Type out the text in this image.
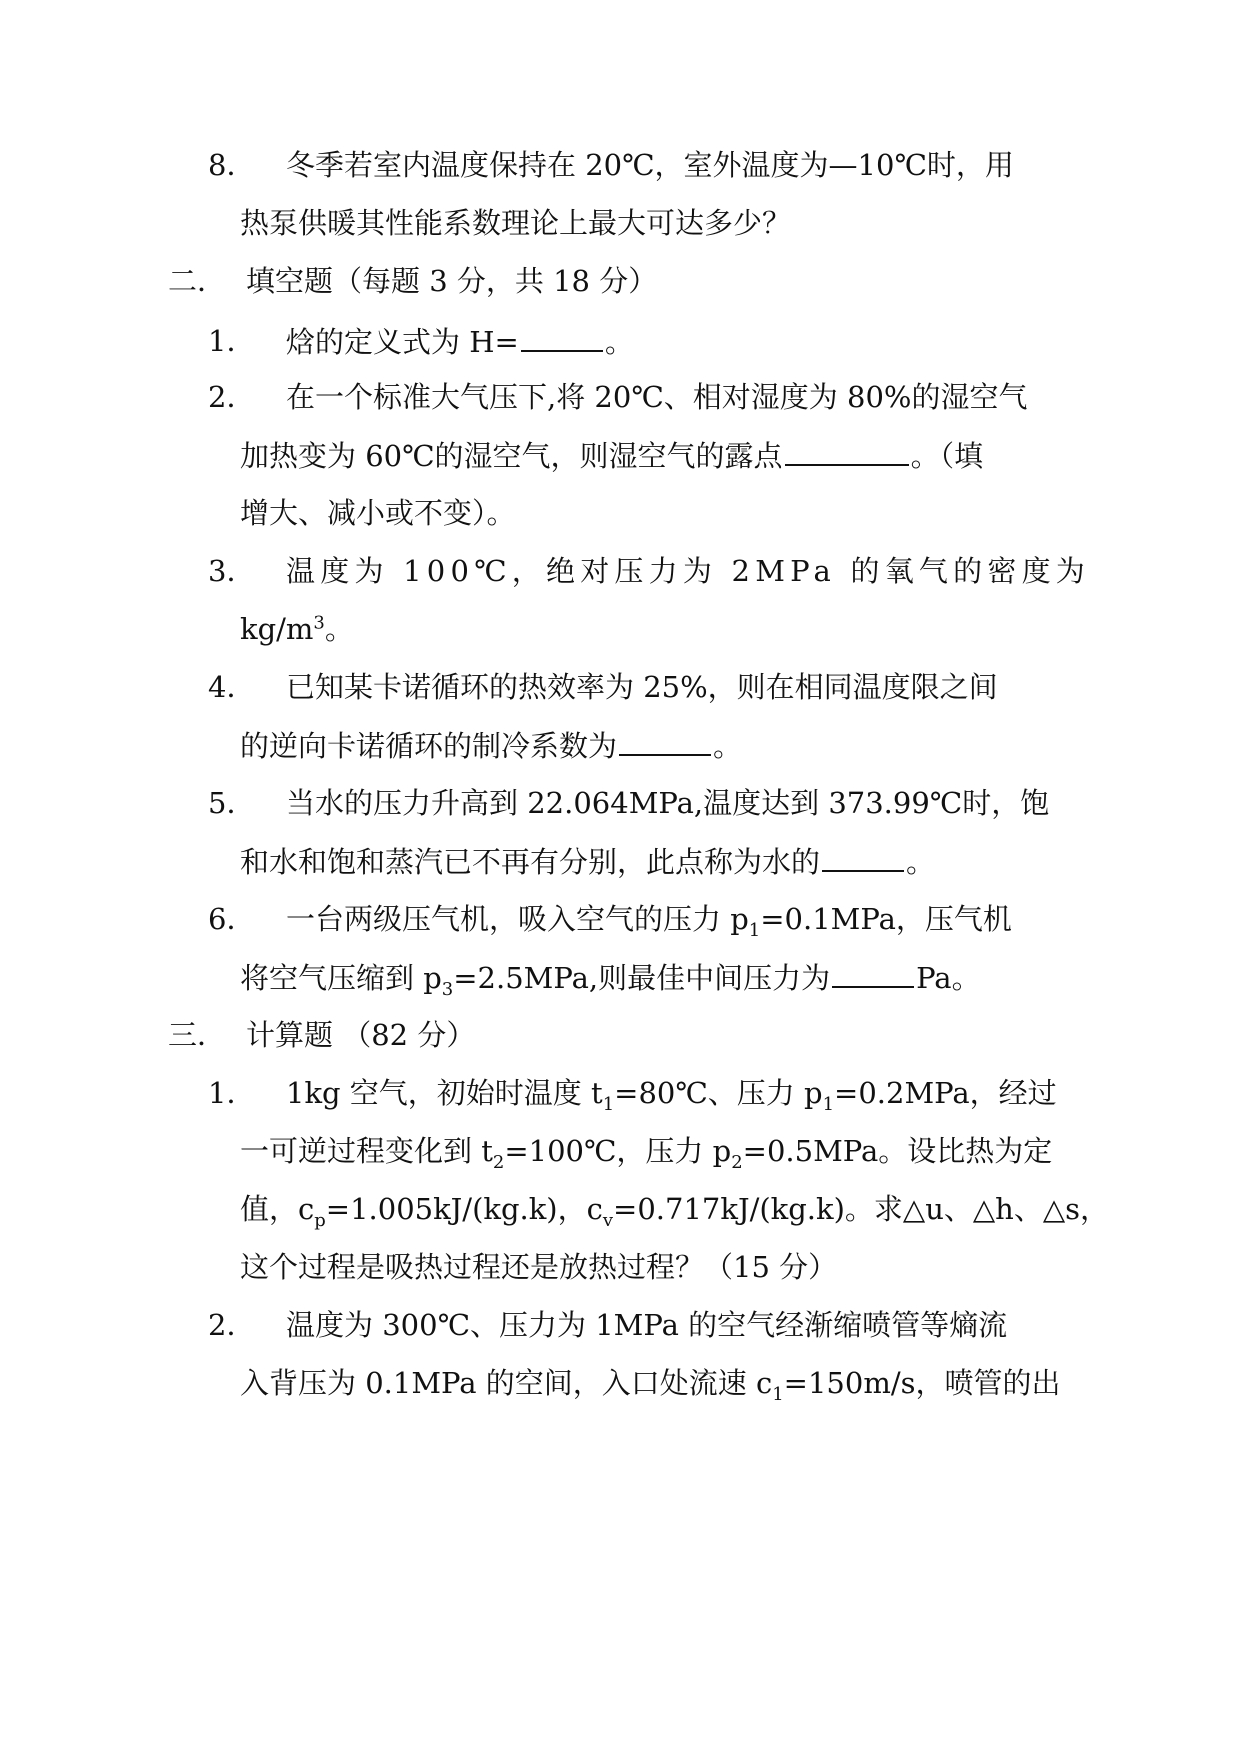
8． 冬季若室内温度保持在 20℃，室外温度为—10℃时，用
热泵供暖其性能系数理论上最大可达多少？
二． 填空题（每题 3 分，共 18 分）
1． 焓的定义式为 H=	。
2． 在一个标准大气压下,将 20℃、相对湿度为 80%的湿空气
加热变为 60℃的湿空气，则湿空气的露点	。（填
增大、减小或不变）。
3． 温度为 100℃，绝对压力为 2MPa 的氧气的密度为
$kg/m^3$。
4． 已知某卡诺循环的热效率为 25%，则在相同温度限之间
的逆向卡诺循环的制冷系数为	。
5． 当水的压力升高到 22.064MPa,温度达到 373.99℃时，饱
和水和饱和蒸汽已不再有分别，此点称为水的	。
6． 一台两级压气机，吸入空气的压力 $p_1=0.1MPa$，压气机
将空气压缩到 $p_3=2.5MPa$,则最佳中间压力为	Pa。
三． 计算题 （82 分）
1． 1kg 空气，初始时温度 $t_1=80℃$、压力 $p_1=0.2MPa$，经过
一可逆过程变化到 $t_2=100℃$，压力 $p_2=0.5MPa$。设比热为定
值，$c_p=1.005kJ/(kg.k)$，$c_v=0.717kJ/(kg.k)$。求△u、△h、△s，
这个过程是吸热过程还是放热过程？（15 分）
2． 温度为 300℃、压力为 1MPa 的空气经渐缩喷管等熵流
入背压为 0.1MPa 的空间，入口处流速 $c_1=150m/s$，喷管的出
